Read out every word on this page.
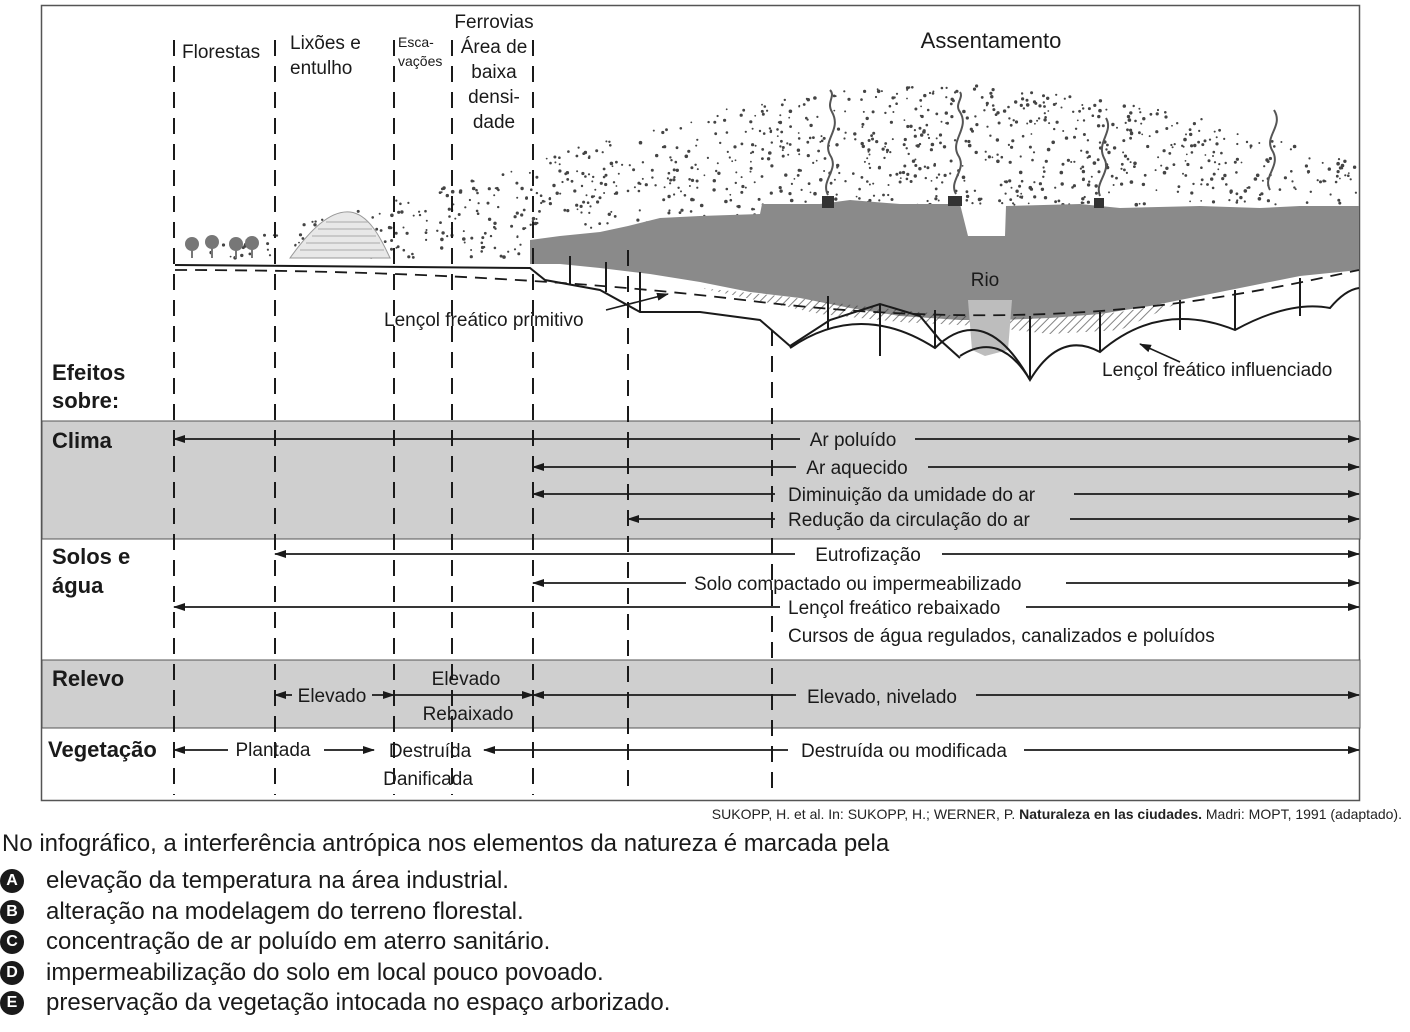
Rio
Lençol freático primitivo
Lençol freático influenciado
Florestas Lixões e
entulho
Esca-
vações
Ferrovias
Área de
baixa
densi-
dade
Assentamento
Efeitos
sobre:
Clima
Solos e
água
Relevo
Vegetação
Ar poluído
Ar aquecido
Diminuição da umidade do ar
Redução da circulação do ar
Eutrofização
Solo compactado ou impermeabilizado
Lençol freático rebaixado
Cursos de água regulados, canalizados e poluídos
Elevado
Elevado
Rebaixado
Elevado, nivelado
Plantada	Destruída
Danificada
Destruída ou modificada
SUKOPP, H. et al. In: SUKOPP, H.; WERNER, P. Naturaleza en las ciudades. Madri: MOPT, 1991 (adaptado).
No infográfico, a interferência antrópica nos elementos da natureza é marcada pela
A elevação da temperatura na área industrial.
B alteração na modelagem do terreno florestal.
C concentração de ar poluído em aterro sanitário.
D impermeabilização do solo em local pouco povoado.
E preservação da vegetação intocada no espaço arborizado.
